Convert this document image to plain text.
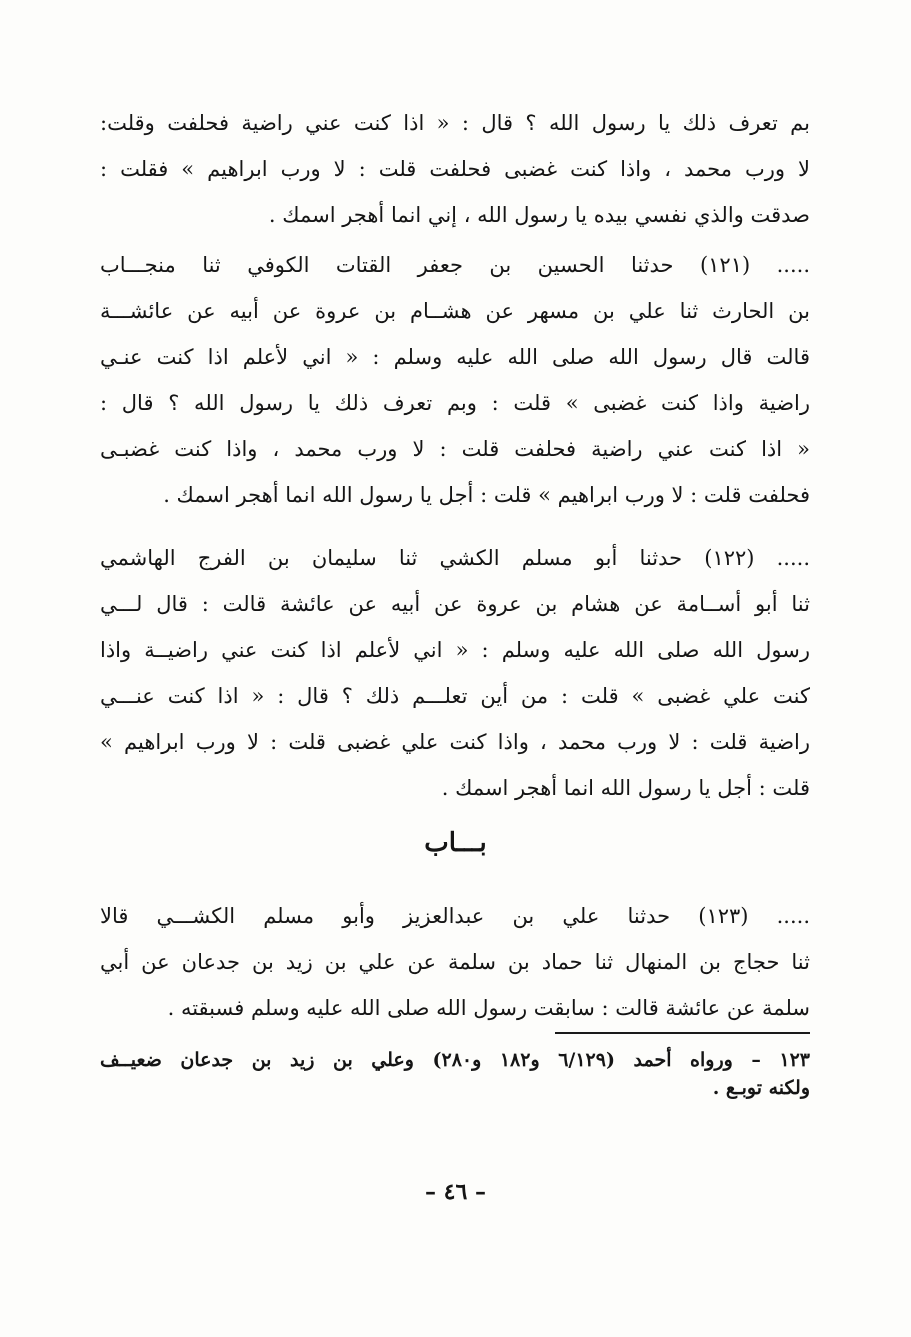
بم تعرف ذلك يا رسول الله ؟ قال : « اذا كنت عني راضية فحلفت وقلت:
لا ورب محمد ، واذا كنت غضبى فحلفت قلت : لا ورب ابراهيم » فقلت :
صدقت والذي نفسي بيده يا رسول الله ، إني انما أهجر اسمك .
..... (١٢١) حدثنا الحسين بن جعفر القتات الكوفي ثنا منجـــاب
بن الحارث ثنا علي بن مسهر عن هشــام بن عروة عن أبيه عن عائشـــة
قالت قال رسول الله صلى الله عليه وسلم : « اني لأعلم اذا كنت عنـي
راضية واذا كنت غضبى » قلت : وبم تعرف ذلك يا رسول الله ؟ قال :
« اذا كنت عني راضية فحلفت قلت : لا ورب محمد ، واذا كنت غضبـى
فحلفت قلت : لا ورب ابراهيم » قلت : أجل يا رسول الله انما أهجر اسمك .
..... (١٢٢) حدثنا أبو مسلم الكشي ثنا سليمان بن الفرج الهاشمي
ثنا أبو أســامة عن هشام بن عروة عن أبيه عن عائشة قالت : قال لـــي
رسول الله صلى الله عليه وسلم : « اني لأعلم اذا كنت عني راضيــة واذا
كنت علي غضبى » قلت : من أين تعلـــم ذلك ؟ قال : « اذا كنت عنـــي
راضية قلت : لا ورب محمد ، واذا كنت علي غضبى قلت : لا ورب ابراهيم »
قلت : أجل يا رسول الله انما أهجر اسمك .
بـــاب
..... (١٢٣) حدثنا علي بن عبدالعزيز وأبو مسلم الكشـــي قالا
ثنا حجاج بن المنهال ثنا حماد بن سلمة عن علي بن زيد بن جدعان عن أبي
سلمة عن عائشة قالت : سابقت رسول الله صلى الله عليه وسلم فسبقته .
١٢٣ – ورواه أحمد (٦/١٢٩ و١٨٢ و٢٨٠) وعلي بن زيد بن جدعان ضعيــف
ولكنه توبـع .
– ٤٦ –
